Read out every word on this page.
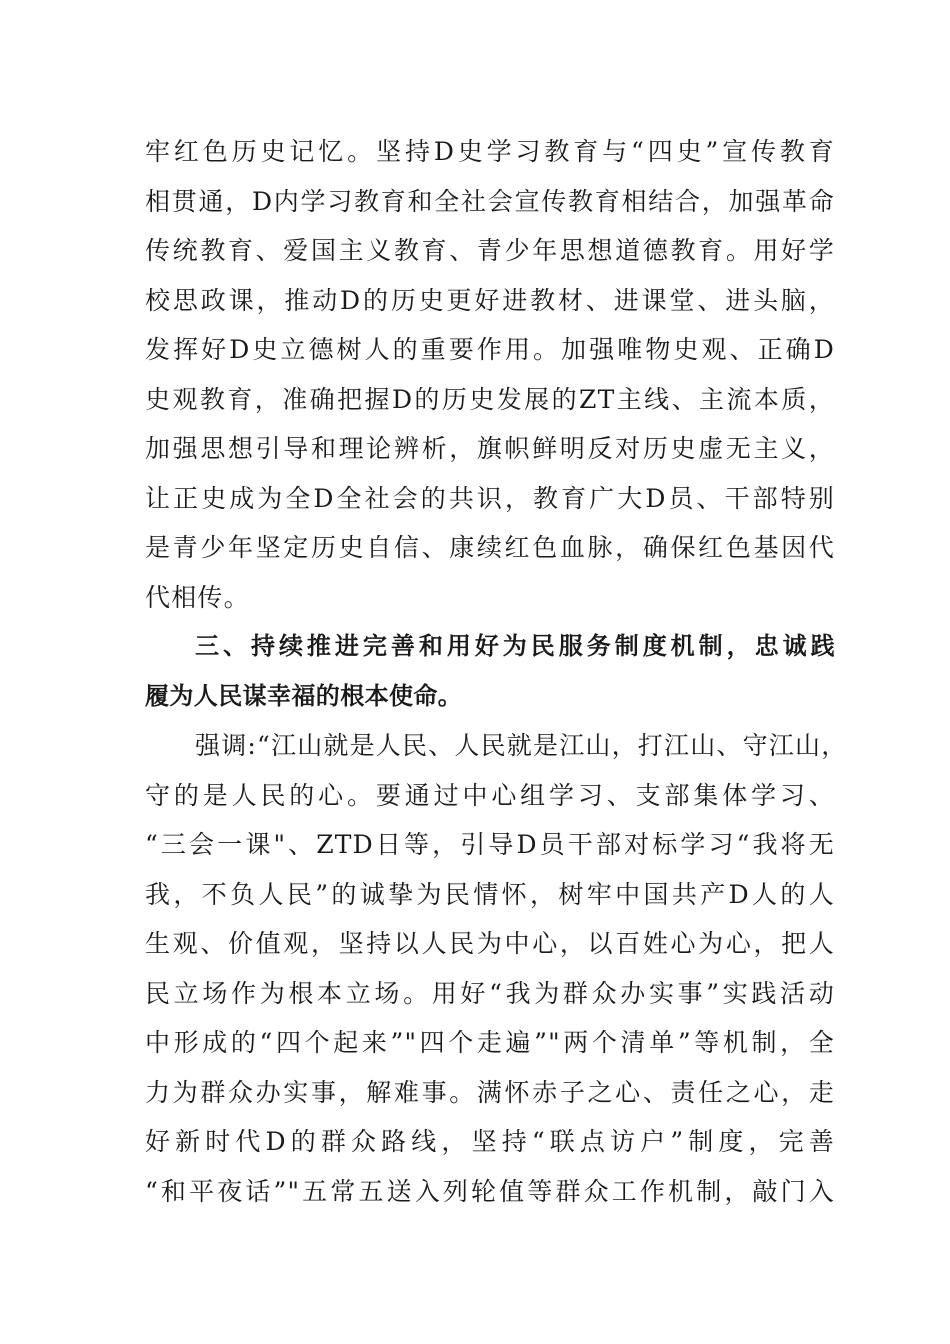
牢红色历史记忆。坚持D史学习教育与“四史”宣传教育
相贯通，D内学习教育和全社会宣传教育相结合，加强革命
传统教育、爱国主义教育、青少年思想道德教育。用好学
校思政课，推动D的历史更好进教材、进课堂、进头脑，
发挥好D史立德树人的重要作用。加强唯物史观、正确D
史观教育，准确把握D的历史发展的ZT主线、主流本质，
加强思想引导和理论辨析，旗帜鲜明反对历史虚无主义，
让正史成为全D全社会的共识，教育广大D员、干部特别
是青少年坚定历史自信、康续红色血脉，确保红色基因代
代相传。
三、持续推进完善和用好为民服务制度机制，忠诚践
履为人民谋幸福的根本使命。
强调:“江山就是人民、人民就是江山，打江山、守江山，
守的是人民的心。要通过中心组学习、支部集体学习、
“三会一课"、ZTD日等，引导D员干部对标学习“我将无
我，不负人民”的诚挚为民情怀，树牢中国共产D人的人
生观、价值观，坚持以人民为中心，以百姓心为心，把人
民立场作为根本立场。用好“我为群众办实事”实践活动
中形成的“四个起来”"四个走遍”"两个清单”等机制，全
力为群众办实事，解难事。满怀赤子之心、责任之心，走
好新时代D的群众路线，坚持“联点访户”制度，完善
“和平夜话”"五常五送入列轮值等群众工作机制，敲门入
